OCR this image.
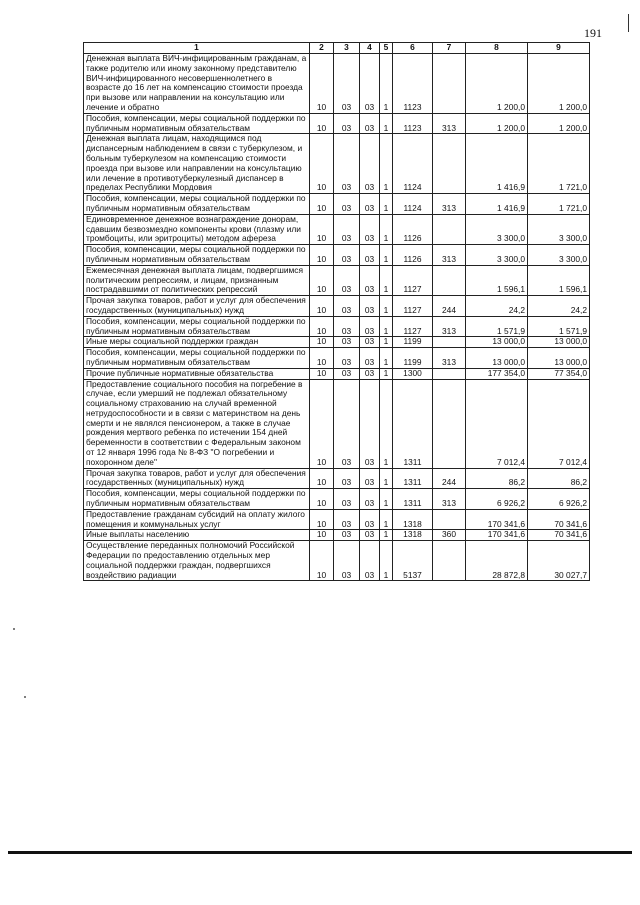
191
1	2	3	4	5	6	7	8	9
Денежная выплата ВИЧ-инфицированным гражданам, а также родителю или иному законному представителю ВИЧ-инфицированного несовершеннолетнего в возрасте до 16 лет на компенсацию стоимости проезда при вызове или направлении на консультацию или лечение и обратно	10	03	03	1	1123		1 200,0	1 200,0
Пособия, компенсации, меры социальной поддержки по публичным нормативным обязательствам	10	03	03	1	1123	313	1 200,0	1 200,0
Денежная выплата лицам, находящимся под диспансерным наблюдением в связи с туберкулезом, и больным туберкулезом на компенсацию стоимости проезда при вызове или направлении на консультацию или лечение в противотуберкулезный диспансер в пределах Республики Мордовия	10	03	03	1	1124		1 416,9	1 721,0
Пособия, компенсации, меры социальной поддержки по публичным нормативным обязательствам	10	03	03	1	1124	313	1 416,9	1 721,0
Единовременное денежное вознаграждение донорам, сдавшим безвозмездно компоненты крови (плазму или тромбоциты, или эритроциты) методом афереза	10	03	03	1	1126		3 300,0	3 300,0
Пособия, компенсации, меры социальной поддержки по публичным нормативным обязательствам	10	03	03	1	1126	313	3 300,0	3 300,0
Ежемесячная денежная выплата лицам, подвергшимся политическим репрессиям, и лицам, признанным пострадавшими от политических репрессий	10	03	03	1	1127		1 596,1	1 596,1
Прочая закупка товаров, работ и услуг для обеспечения государственных (муниципальных) нужд	10	03	03	1	1127	244	24,2	24,2
Пособия, компенсации, меры социальной поддержки по публичным нормативным обязательствам	10	03	03	1	1127	313	1 571,9	1 571,9
Иные меры социальной поддержки граждан	10	03	03	1	1199		13 000,0	13 000,0
Пособия, компенсации, меры социальной поддержки по публичным нормативным обязательствам	10	03	03	1	1199	313	13 000,0	13 000,0
Прочие публичные нормативные обязательства	10	03	03	1	1300		177 354,0	77 354,0
Предоставление социального пособия на погребение в случае, если умерший не подлежал обязательному социальному страхованию на случай временной нетрудоспособности и в связи с материнством на день смерти и не являлся пенсионером, а также в случае рождения мертвого ребенка по истечении 154 дней беременности в соответствии с Федеральным законом от 12 января 1996 года № 8-ФЗ "О погребении и похоронном деле"	10	03	03	1	1311		7 012,4	7 012,4
Прочая закупка товаров, работ и услуг для обеспечения государственных (муниципальных) нужд	10	03	03	1	1311	244	86,2	86,2
Пособия, компенсации, меры социальной поддержки по публичным нормативным обязательствам	10	03	03	1	1311	313	6 926,2	6 926,2
Предоставление гражданам субсидий на оплату жилого помещения и коммунальных услуг	10	03	03	1	1318		170 341,6	70 341,6
Иные выплаты населению	10	03	03	1	1318	360	170 341,6	70 341,6
Осуществление переданных полномочий Российской Федерации по предоставлению отдельных мер социальной поддержки граждан, подвергшихся воздействию радиации	10	03	03	1	5137		28 872,8	30 027,7
